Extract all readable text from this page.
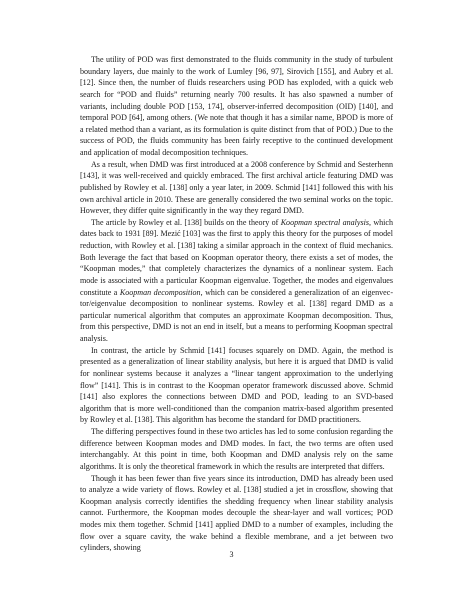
The utility of POD was first demonstrated to the fluids community in the study of turbulent boundary layers, due mainly to the work of Lumley [96, 97], Sirovich [155], and Aubry et al. [12]. Since then, the number of fluids researchers using POD has exploded, with a quick web search for “POD and fluids” returning nearly 700 results. It has also spawned a number of variants, including double POD [153, 174], observer-inferred decomposition (OID) [140], and temporal POD [64], among others. (We note that though it has a similar name, BPOD is more of a related method than a variant, as its formulation is quite distinct from that of POD.) Due to the success of POD, the fluids community has been fairly receptive to the continued development and application of modal decomposition techniques.

As a result, when DMD was first introduced at a 2008 conference by Schmid and Sesterhenn [143], it was well-received and quickly embraced. The first archival article featuring DMD was published by Rowley et al. [138] only a year later, in 2009. Schmid [141] followed this with his own archival article in 2010. These are generally considered the two seminal works on the topic. However, they differ quite significantly in the way they regard DMD.

The article by Rowley et al. [138] builds on the theory of Koopman spectral analysis, which dates back to 1931 [89]. Mezić [103] was the first to apply this theory for the purposes of model reduction, with Rowley et al. [138] taking a similar approach in the context of fluid mechanics. Both leverage the fact that based on Koopman operator theory, there exists a set of modes, the “Koopman modes,” that completely characterizes the dynamics of a nonlinear system. Each mode is associated with a particular Koopman eigenvalue. Together, the modes and eigenvalues constitute a Koopman decomposition, which can be considered a generalization of an eigenvector/eigenvalue decomposition to nonlinear systems. Rowley et al. [138] regard DMD as a particular numerical algorithm that computes an approximate Koopman decomposition. Thus, from this perspective, DMD is not an end in itself, but a means to performing Koopman spectral analysis.

In contrast, the article by Schmid [141] focuses squarely on DMD. Again, the method is presented as a generalization of linear stability analysis, but here it is argued that DMD is valid for nonlinear systems because it analyzes a “linear tangent approximation to the underlying flow” [141]. This is in contrast to the Koopman operator framework discussed above. Schmid [141] also explores the connections between DMD and POD, leading to an SVD-based algorithm that is more well-conditioned than the companion matrix-based algorithm presented by Rowley et al. [138]. This algorithm has become the standard for DMD practitioners.

The differing perspectives found in these two articles has led to some confusion regarding the difference between Koopman modes and DMD modes. In fact, the two terms are often used interchangably. At this point in time, both Koopman and DMD analysis rely on the same algorithms. It is only the theoretical framework in which the results are interpreted that differs.

Though it has been fewer than five years since its introduction, DMD has already been used to analyze a wide variety of flows. Rowley et al. [138] studied a jet in crossflow, showing that Koopman analysis correctly identifies the shedding frequency when linear stability analysis cannot. Furthermore, the Koopman modes decouple the shear-layer and wall vortices; POD modes mix them together. Schmid [141] applied DMD to a number of examples, including the flow over a square cavity, the wake behind a flexible membrane, and a jet between two cylinders, showing

3
